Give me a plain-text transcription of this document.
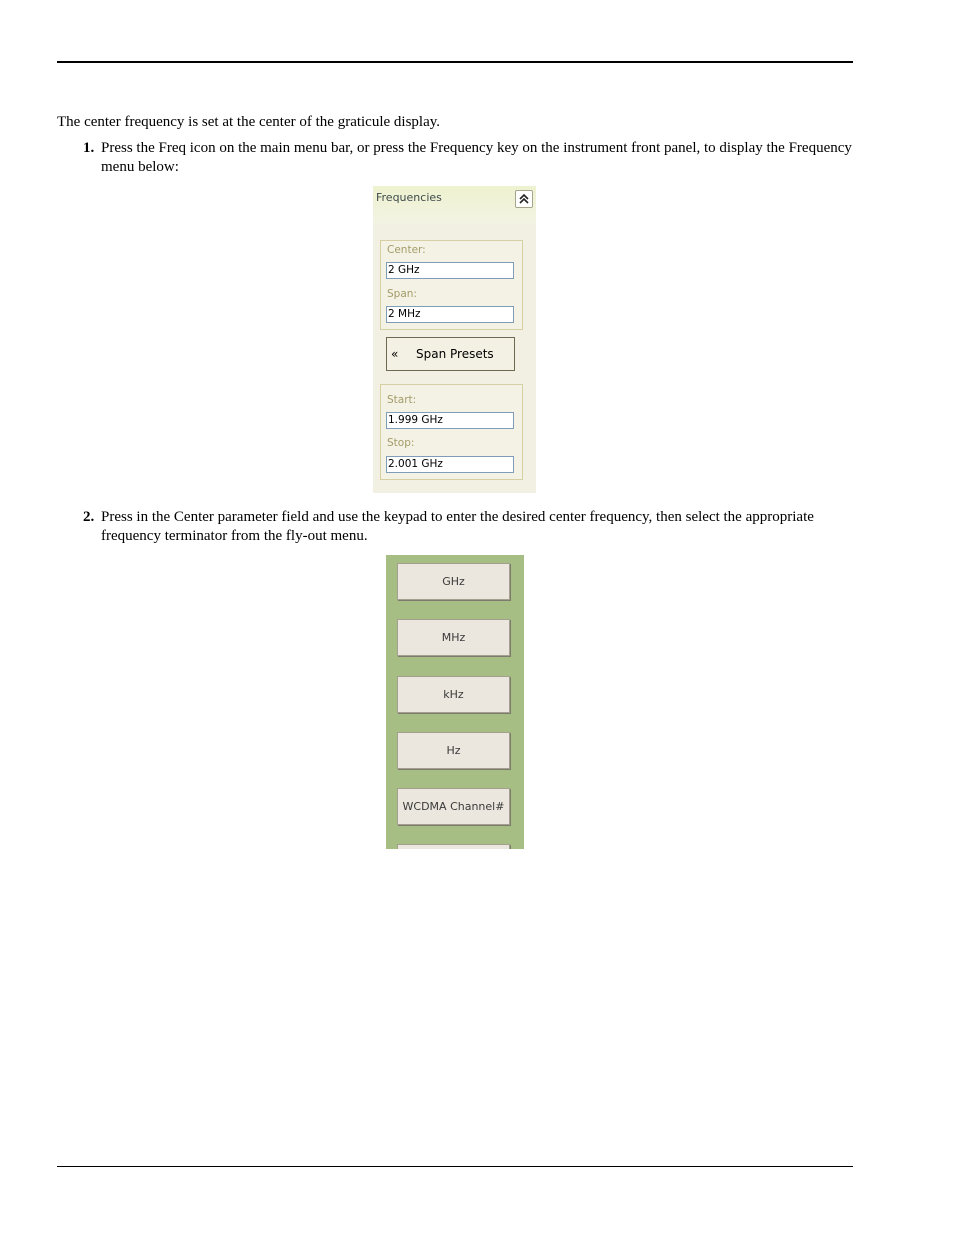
The center frequency is set at the center of the graticule display.

1. Press the Freq icon on the main menu bar, or press the Frequency key on the instrument front panel, to display the Frequency menu below:

Frequencies
Center:
2 GHz
Span:
2 MHz
« Span Presets
Start:
1.999 GHz
Stop:
2.001 GHz
2. Press in the Center parameter field and use the keypad to enter the desired center frequency, then select the appropriate frequency terminator from the fly-out menu.

GHz
MHz
kHz
Hz
WCDMA Channel#
